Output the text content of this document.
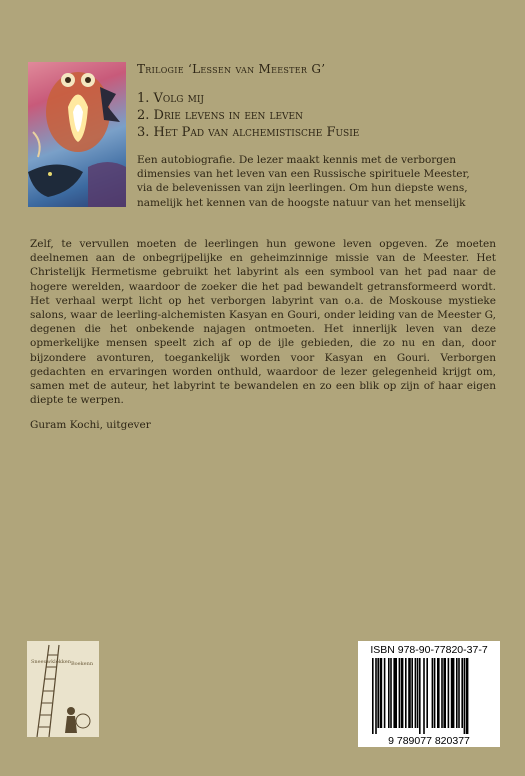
Trilogie ‘Lessen van Meester G’
1. Volg mij
2. Drie levens in een leven
3. Het Pad van alchemistische Fusie

Een autobiografie. De lezer maakt kennis met de verborgen
dimensies van het leven van een Russische spirituele Meester,
via de belevenissen van zijn leerlingen. Om hun diepste wens,
namelijk het kennen van de hoogste natuur van het menselijk

Zelf, te vervullen moeten de leerlingen hun gewone leven opgeven. Ze moeten deelnemen aan de onbegrijpelijke en geheimzinnige missie van de Meester. Het Christelijk Hermetisme gebruikt het labyrint als een symbool van het pad naar de hogere werelden, waardoor de zoeker die het pad bewandelt getransformeerd wordt. Het verhaal werpt licht op het verborgen labyrint van o.a. de Moskouse mystieke salons, waar de leerling-alchemisten Kasyan en Gouri, onder leiding van de Meester G, degenen die het onbekende najagen ontmoeten. Het innerlijk leven van deze opmerkelijke mensen speelt zich af op de ijle gebieden, die zo nu en dan, door bijzondere avonturen, toegankelijk worden voor Kasyan en Gouri. Verborgen gedachten en ervaringen worden onthuld, waardoor de lezer gelegenheid krijgt om, samen met de auteur, het labyrint te bewandelen en zo een blik op zijn of haar eigen diepte te werpen.

Guram Kochi, uitgever

Sneeuwklokken Boekenn
ISBN 978-90-77820-37-7
9 789077 820377
